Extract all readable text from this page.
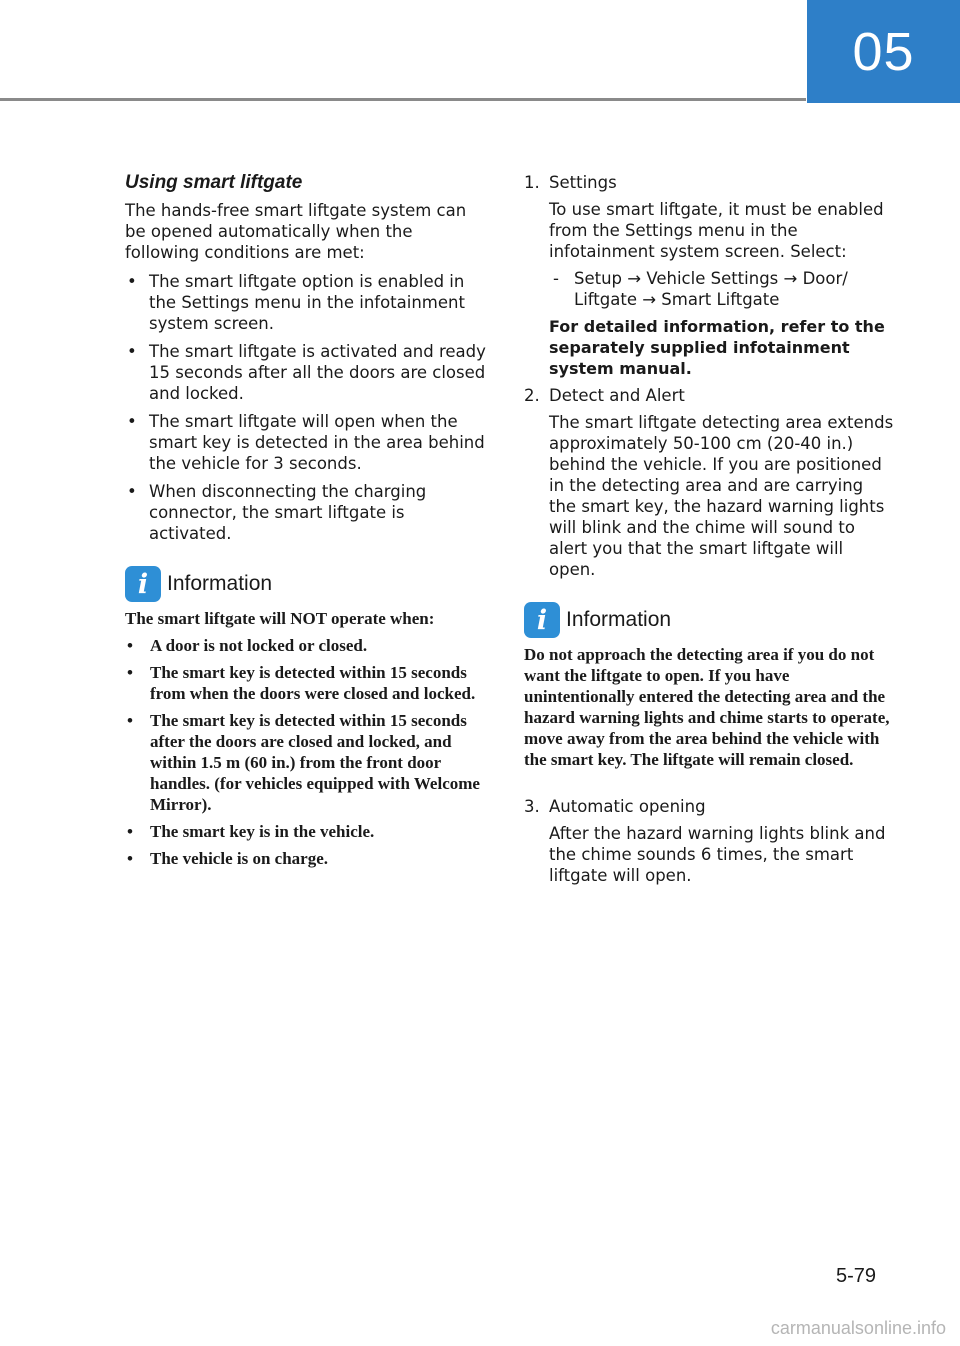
05
Using smart liftgate

The hands-free smart liftgate system can be opened automatically when the following conditions are met:

• The smart liftgate option is enabled in the Settings menu in the infotainment system screen.
• The smart liftgate is activated and ready 15 seconds after all the doors are closed and locked.
• The smart liftgate will open when the smart key is detected in the area behind the vehicle for 3 seconds.
• When disconnecting the charging connector, the smart liftgate is activated.
i Information

The smart liftgate will NOT operate when:

• A door is not locked or closed.
• The smart key is detected within 15 seconds from when the doors were closed and locked.
• The smart key is detected within 15 seconds after the doors are closed and locked, and within 1.5 m (60 in.) from the front door handles. (for vehicles equipped with Welcome Mirror).
• The smart key is in the vehicle.
• The vehicle is on charge.
1. Settings
To use smart liftgate, it must be enabled from the Settings menu in the infotainment system screen. Select:
- Setup → Vehicle Settings → Door/ Liftgate → Smart Liftgate
For detailed information, refer to the separately supplied infotainment system manual.
2. Detect and Alert
The smart liftgate detecting area extends approximately 50-100 cm (20-40 in.) behind the vehicle. If you are positioned in the detecting area and are carrying the smart key, the hazard warning lights will blink and the chime will sound to alert you that the smart liftgate will open.
i Information

Do not approach the detecting area if you do not want the liftgate to open. If you have unintentionally entered the detecting area and the hazard warning lights and chime starts to operate, move away from the area behind the vehicle with the smart key. The liftgate will remain closed.

3. Automatic opening
After the hazard warning lights blink and the chime sounds 6 times, the smart liftgate will open.
5-79
carmanualsonline.info
